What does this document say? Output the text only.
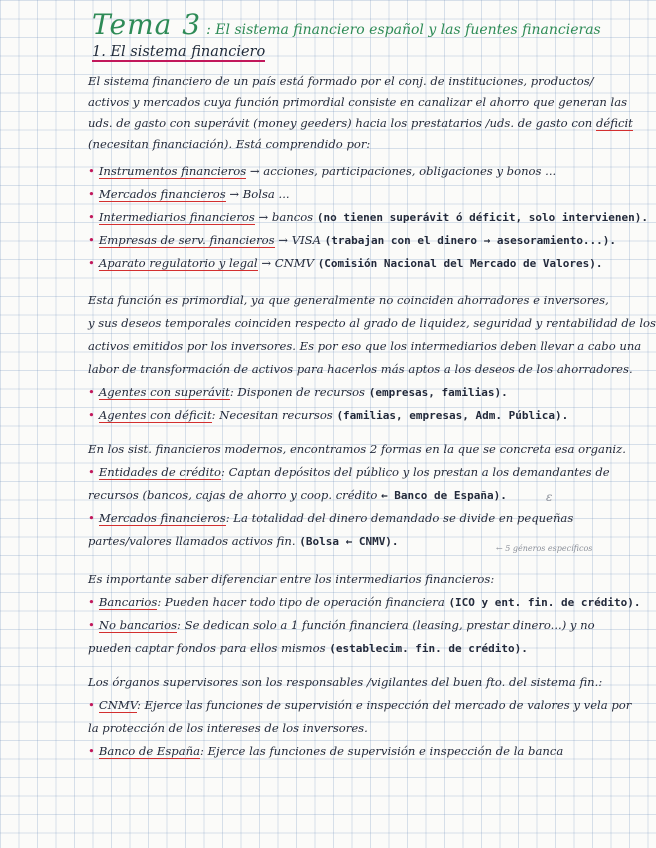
Tema 3 : El sistema financiero español y las fuentes financieras
1. El sistema financiero
El sistema financiero de un país está formado por el conj. de instituciones, productos/
activos y mercados cuya función primordial consiste en canalizar el ahorro que generan las
uds. de gasto con superávit (money geeders) hacia los prestatarios /uds. de gasto con déficit
(necesitan financiación). Está comprendido por:
• Instrumentos financieros → acciones, participaciones, obligaciones y bonos ...
• Mercados financieros → Bolsa ...
• Intermediarios financieros → bancos (no tienen superávit ó déficit, solo intervienen).
• Empresas de serv. financieros → VISA (trabajan con el dinero → asesoramiento...).
• Aparato regulatorio y legal → CNMV (Comisión Nacional del Mercado de Valores).
Esta función es primordial, ya que generalmente no coinciden ahorradores e inversores,
y sus deseos temporales coinciden respecto al grado de liquidez, seguridad y rentabilidad de los
activos emitidos por los inversores. Es por eso que los intermediarios deben llevar a cabo una
labor de transformación de activos para hacerlos más aptos a los deseos de los ahorradores.
• Agentes con superávit: Disponen de recursos (empresas, familias).
• Agentes con déficit: Necesitan recursos (familias, empresas, Adm. Pública).
En los sist. financieros modernos, encontramos 2 formas en la que se concreta esa organiz.
• Entidades de crédito: Captan depósitos del público y los prestan a los demandantes de
recursos (bancos, cajas de ahorro y coop. crédito ← Banco de España).
• Mercados financieros: La totalidad del dinero demandado se divide en pequeñas
partes/valores llamados activos fin. (Bolsa ← CNMV).
← 5 géneros específicos
Es importante saber diferenciar entre los intermediarios financieros:
• Bancarios: Pueden hacer todo tipo de operación financiera (ICO y ent. fin. de crédito).
• No bancarios: Se dedican solo a 1 función financiera (leasing, prestar dinero...) y no
pueden captar fondos para ellos mismos (establecim. fin. de crédito).
Los órganos supervisores son los responsables /vigilantes del buen fto. del sistema fin.:
• CNMV: Ejerce las funciones de supervisión e inspección del mercado de valores y vela por
la protección de los intereses de los inversores.
• Banco de España: Ejerce las funciones de supervisión e inspección de la banca
ε
